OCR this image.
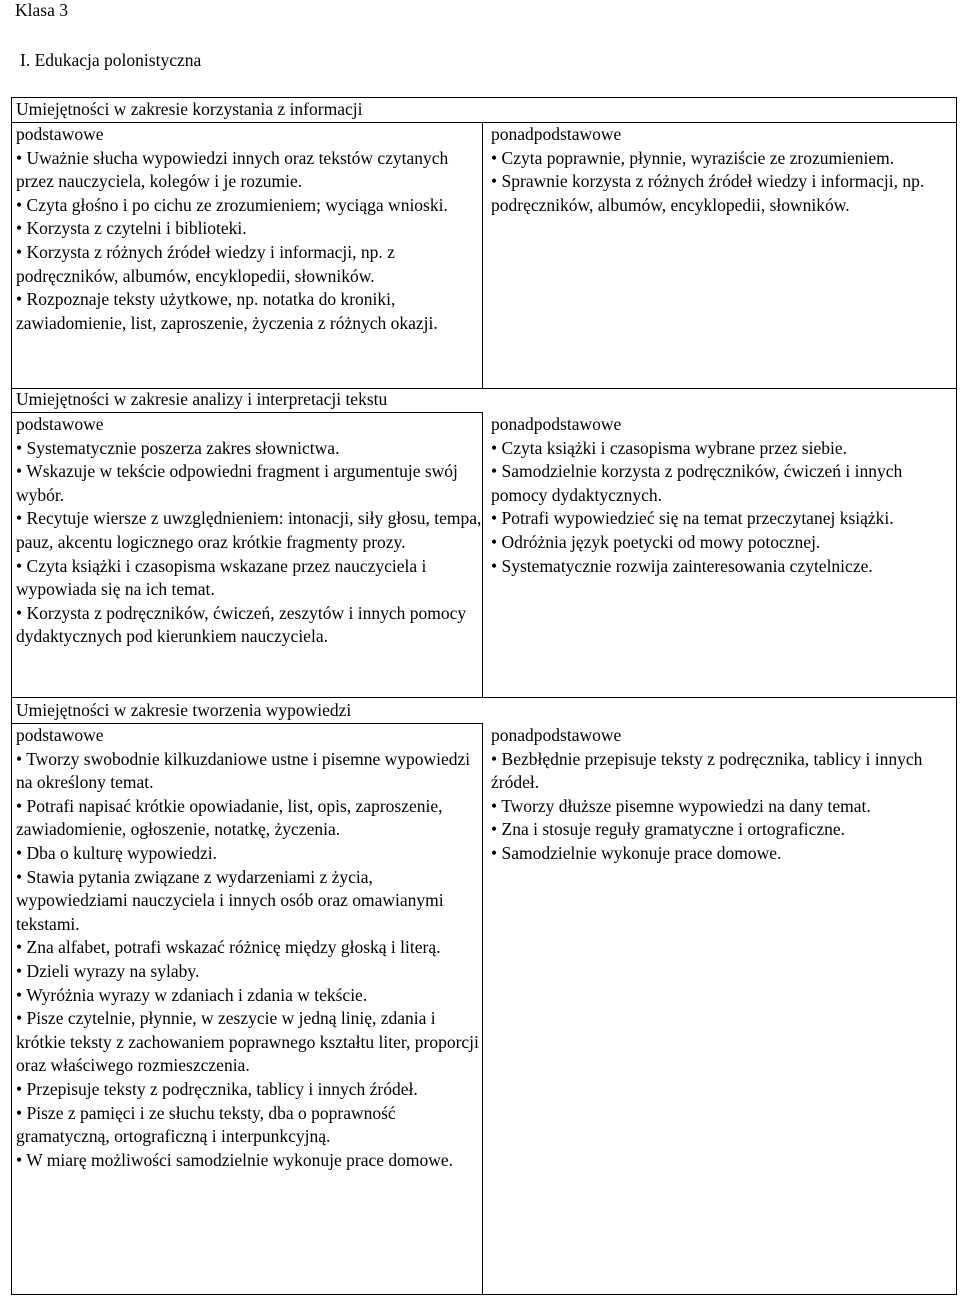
Klasa 3
I. Edukacja polonistyczna
Umiejętności w zakresie korzystania z informacji

podstawowe

• Uważnie słucha wypowiedzi innych oraz tekstów czytanych przez nauczyciela, kolegów i je rozumie.
• Czyta głośno i po cichu ze zrozumieniem; wyciąga wnioski.
• Korzysta z czytelni i biblioteki.
• Korzysta z różnych źródeł wiedzy i informacji, np. z podręczników, albumów, encyklopedii, słowników.
• Rozpoznaje teksty użytkowe, np. notatka do kroniki, zawiadomienie, list, zaproszenie, życzenia z różnych okazji.

ponadpodstawowe

• Czyta poprawnie, płynnie, wyraziście ze zrozumieniem.
• Sprawnie korzysta z różnych źródeł wiedzy i informacji, np. podręczników, albumów, encyklopedii, słowników.
Umiejętności w zakresie analizy i interpretacji tekstu

podstawowe

• Systematycznie poszerza zakres słownictwa.
• Wskazuje w tekście odpowiedni fragment i argumentuje swój wybór.
• Recytuje wiersze z uwzględnieniem: intonacji, siły głosu, tempa, pauz, akcentu logicznego oraz krótkie fragmenty prozy.
• Czyta książki i czasopisma wskazane przez nauczyciela i wypowiada się na ich temat.
• Korzysta z podręczników, ćwiczeń, zeszytów i innych pomocy dydaktycznych pod kierunkiem nauczyciela.

ponadpodstawowe

• Czyta książki i czasopisma wybrane przez siebie.
• Samodzielnie korzysta z podręczników, ćwiczeń i innych pomocy dydaktycznych.
• Potrafi wypowiedzieć się na temat przeczytanej książki.
• Odróżnia język poetycki od mowy potocznej.
• Systematycznie rozwija zainteresowania czytelnicze.
Umiejętności w zakresie tworzenia wypowiedzi

podstawowe

• Tworzy swobodnie kilkuzdaniowe ustne i pisemne wypowiedzi na określony temat.
• Potrafi napisać krótkie opowiadanie, list, opis, zaproszenie, zawiadomienie, ogłoszenie, notatkę, życzenia.
• Dba o kulturę wypowiedzi.
• Stawia pytania związane z wydarzeniami z życia, wypowiedziami nauczyciela i innych osób oraz omawianymi tekstami.
• Zna alfabet, potrafi wskazać różnicę między głoską i literą.
• Dzieli wyrazy na sylaby.
• Wyróżnia wyrazy w zdaniach i zdania w tekście.
• Pisze czytelnie, płynnie, w zeszycie w jedną linię, zdania i krótkie teksty z zachowaniem poprawnego kształtu liter, proporcji oraz właściwego rozmieszczenia.
• Przepisuje teksty z podręcznika, tablicy i innych źródeł.
• Pisze z pamięci i ze słuchu teksty, dba o poprawność gramatyczną, ortograficzną i interpunkcyjną.
• W miarę możliwości samodzielnie wykonuje prace domowe.

ponadpodstawowe

• Bezbłędnie przepisuje teksty z podręcznika, tablicy i innych źródeł.
• Tworzy dłuższe pisemne wypowiedzi na dany temat.
• Zna i stosuje reguły gramatyczne i ortograficzne.
• Samodzielnie wykonuje prace domowe.
